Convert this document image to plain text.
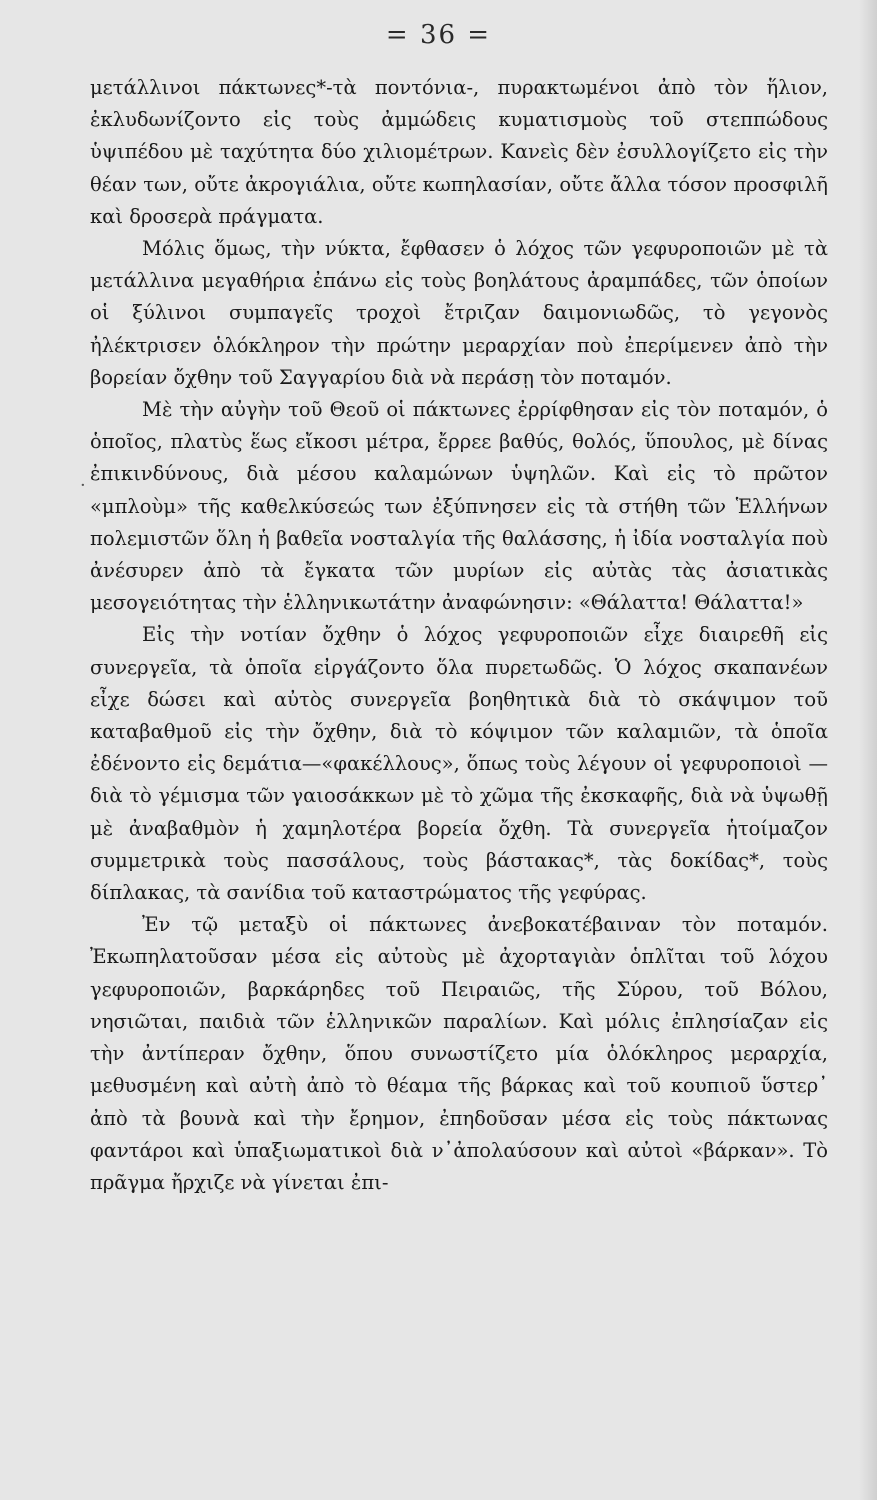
= 36 =
·

μετάλλινοι πάκτωνες*-τὰ ποντόνια-, πυρακτωμένοι ἀπὸ τὸν ἥλιον, ἐκλυδωνίζοντο εἰς τοὺς ἀμμώδεις κυματισμοὺς τοῦ στεππώδους ὑψιπέδου μὲ ταχύτητα δύο χιλιομέτρων. Κανεὶς δὲν ἐσυλλογίζετο εἰς τὴν θέαν των, οὔτε ἀκρογιάλια, οὔτε κωπηλασίαν, οὔτε ἄλλα τόσον προσφιλῆ καὶ δροσερὰ πράγματα.

Μόλις ὅμως, τὴν νύκτα, ἔφθασεν ὁ λόχος τῶν γεφυροποιῶν μὲ τὰ μετάλλινα μεγαθήρια ἐπάνω εἰς τοὺς βοηλάτους ἀραμπάδες, τῶν ὁποίων οἱ ξύλινοι συμπαγεῖς τροχοὶ ἔτριζαν δαιμονιωδῶς, τὸ γεγονὸς ἠλέκτρισεν ὁλόκληρον τὴν πρώτην μεραρχίαν ποὺ ἐπερίμενεν ἀπὸ τὴν βορείαν ὄχθην τοῦ Σαγγαρίου διὰ νὰ περάσῃ τὸν ποταμόν.

Μὲ τὴν αὐγὴν τοῦ Θεοῦ οἱ πάκτωνες ἐρρίφθησαν εἰς τὸν ποταμόν, ὁ ὁποῖος, πλατὺς ἕως εἴκοσι μέτρα, ἔρρεε βαθύς, θολός, ὕπουλος, μὲ δίνας ἐπικινδύνους, διὰ μέσου καλαμώνων ὑψηλῶν. Καὶ εἰς τὸ πρῶτον «μπλοὺμ» τῆς καθελκύσεώς των ἐξύπνησεν εἰς τὰ στήθη τῶν Ἑλλήνων πολεμιστῶν ὅλη ἡ βαθεῖα νοσταλγία τῆς θαλάσσης, ἡ ἰδία νοσταλγία ποὺ ἀνέσυρεν ἀπὸ τὰ ἔγκατα τῶν μυρίων εἰς αὐτὰς τὰς ἀσιατικὰς μεσογειότητας τὴν ἑλληνικωτάτην ἀναφώνησιν: «Θάλαττα! Θάλαττα!»

Εἰς τὴν νοτίαν ὄχθην ὁ λόχος γεφυροποιῶν εἶχε διαιρεθῆ εἰς συνεργεῖα, τὰ ὁποῖα εἰργάζοντο ὅλα πυρετωδῶς. Ὁ λόχος σκαπανέων εἶχε δώσει καὶ αὐτὸς συνεργεῖα βοηθητικὰ διὰ τὸ σκάψιμον τοῦ καταβαθμοῦ εἰς τὴν ὄχθην, διὰ τὸ κόψιμον τῶν καλαμιῶν, τὰ ὁποῖα ἐδένοντο εἰς δεμάτια—«φακέλλους», ὅπως τοὺς λέγουν οἱ γεφυροποιοὶ — διὰ τὸ γέμισμα τῶν γαιοσάκκων μὲ τὸ χῶμα τῆς ἐκσκαφῆς, διὰ νὰ ὑψωθῇ μὲ ἀναβαθμὸν ἡ χαμηλοτέρα βορεία ὄχθη. Τὰ συνεργεῖα ἡτοίμαζον συμμετρικὰ τοὺς πασσάλους, τοὺς βάστακας*, τὰς δοκίδας*, τοὺς δίπλακας, τὰ σανίδια τοῦ καταστρώματος τῆς γεφύρας.

Ἐν τῷ μεταξὺ οἱ πάκτωνες ἀνεβοκατέβαιναν τὸν ποταμόν. Ἐκωπηλατοῦσαν μέσα εἰς αὐτοὺς μὲ ἀχορταγιὰν ὁπλῖται τοῦ λόχου γεφυροποιῶν, βαρκάρηδες τοῦ Πειραιῶς, τῆς Σύρου, τοῦ Βόλου, νησιῶται, παιδιὰ τῶν ἑλληνικῶν παραλίων. Καὶ μόλις ἐπλησίαζαν εἰς τὴν ἀντίπεραν ὄχθην, ὅπου συνωστίζετο μία ὁλόκληρος μεραρχία, μεθυσμένη καὶ αὐτὴ ἀπὸ τὸ θέαμα τῆς βάρκας καὶ τοῦ κουπιοῦ ὕστερ᾽ ἀπὸ τὰ βουνὰ καὶ τὴν ἔρημον, ἐπηδοῦσαν μέσα εἰς τοὺς πάκτωνας φαντάροι καὶ ὑπαξιωματικοὶ διὰ ν᾽ἀπολαύσουν καὶ αὐτοὶ «βάρκαν». Τὸ πρᾶγμα ἤρχιζε νὰ γίνεται ἐπι-
